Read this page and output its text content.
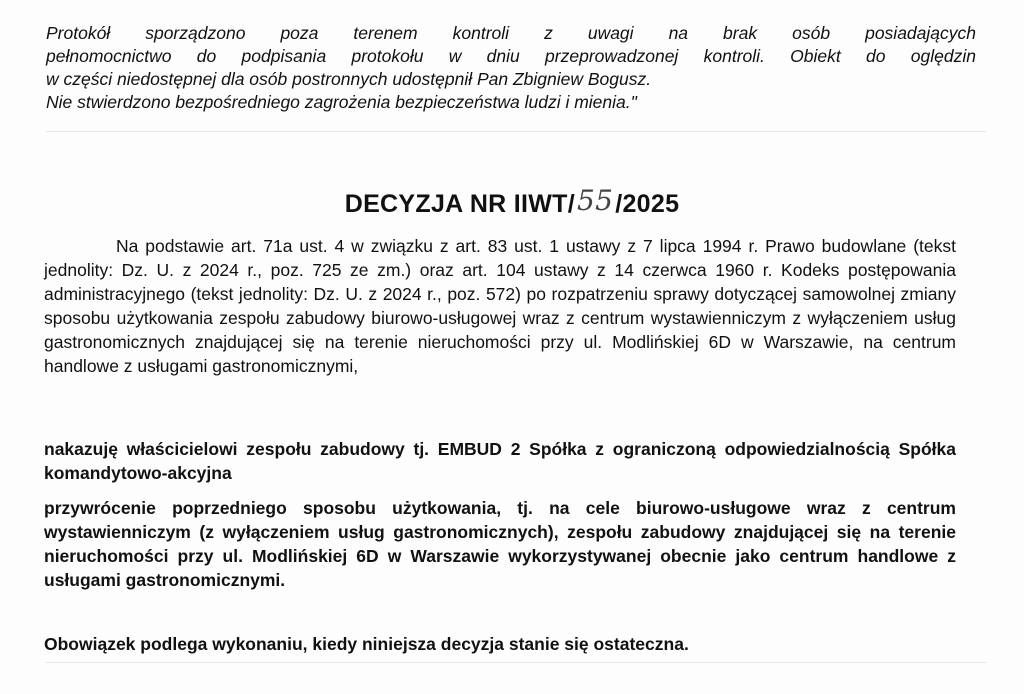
Protokół sporządzono poza terenem kontroli z uwagi na brak osób posiadających

pełnomocnictwo do podpisania protokołu w dniu przeprowadzonej kontroli. Obiekt do oględzin

w części niedostępnej dla osób postronnych udostępnił Pan Zbigniew Bogusz.

Nie stwierdzono bezpośredniego zagrożenia bezpieczeństwa ludzi i mienia."

DECYZJA NR IIWT/55/2025

Na podstawie art. 71a ust. 4 w związku z art. 83 ust. 1 ustawy z 7 lipca 1994 r. Prawo budowlane (tekst jednolity: Dz. U. z 2024 r., poz. 725 ze zm.) oraz art. 104 ustawy z 14 czerwca 1960 r. Kodeks postępowania administracyjnego (tekst jednolity: Dz. U. z 2024 r., poz. 572) po rozpatrzeniu sprawy dotyczącej samowolnej zmiany sposobu użytkowania zespołu zabudowy biurowo-usługowej wraz z centrum wystawienniczym z wyłączeniem usług gastronomicznych znajdującej się na terenie nieruchomości przy ul. Modlińskiej 6D w Warszawie, na centrum handlowe z usługami gastronomicznymi,

nakazuję właścicielowi zespołu zabudowy tj. EMBUD 2 Spółka z ograniczoną odpowiedzialnością Spółka komandytowo-akcyjna

przywrócenie poprzedniego sposobu użytkowania, tj. na cele biurowo-usługowe wraz z centrum wystawienniczym (z wyłączeniem usług gastronomicznych), zespołu zabudowy znajdującej się na terenie nieruchomości przy ul. Modlińskiej 6D w Warszawie wykorzystywanej obecnie jako centrum handlowe z usługami gastronomicznymi.

Obowiązek podlega wykonaniu, kiedy niniejsza decyzja stanie się ostateczna.
